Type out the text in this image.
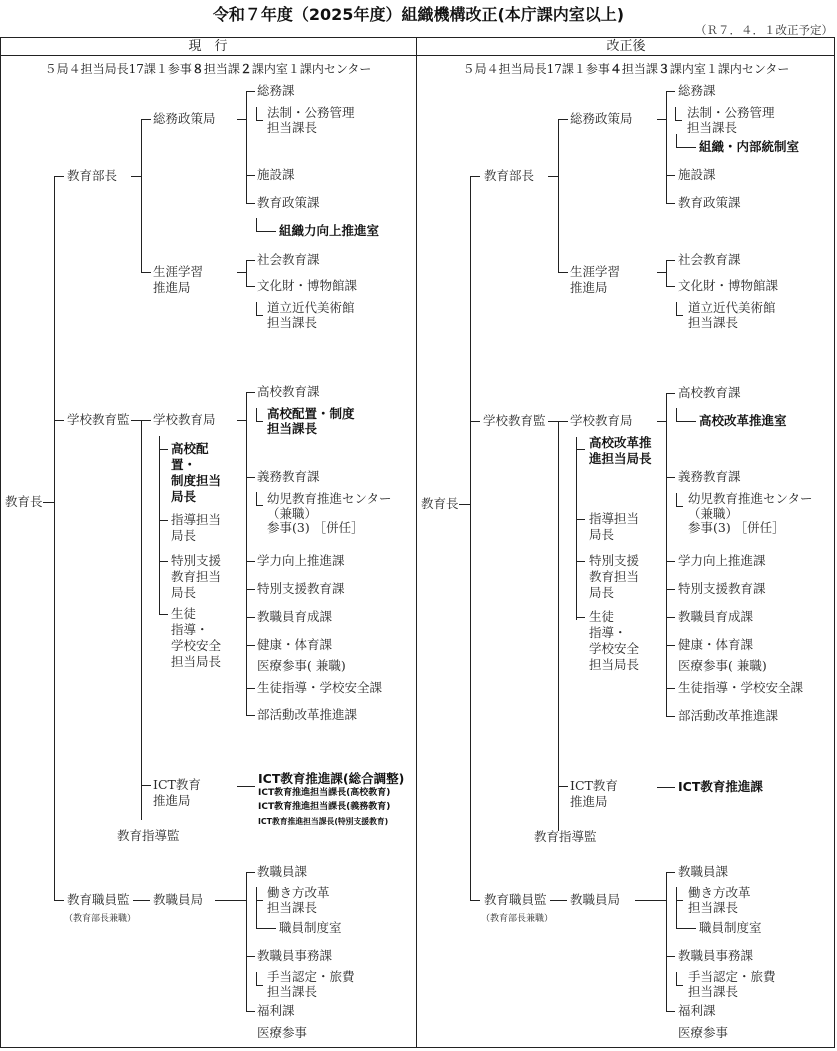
令和７年度（2025年度）組織機構改正(本庁課内室以上)
（Ｒ７．４．１改正予定）
現　行	改正後
５局４担当局長17課１参事８担当課２課内室１課内センター	５局４担当局長17課１参事４担当課３課内室１課内センター
教育長
教育部長
総務政策局
生涯学習
推進局
総務課
法制・公務管理
担当課長
施設課
教育政策課
組織力向上推進室
社会教育課
文化財・博物館課
道立近代美術館
担当課長
学校教育監 学校教育局
高校配
置・
制度担当
局長
指導担当
局長
特別支援
教育担当
局長
生徒
指導・
学校安全
担当局長
高校教育課
高校配置・制度
担当課長
義務教育課
幼児教育推進センター
（兼職）
参事(3) ［併任］
学力向上推進課
特別支援教育課
教職員育成課
健康・体育課
医療参事( 兼職)
生徒指導・学校安全課
部活動改革推進課
ICT教育
推進局
ICT教育推進課(総合調整)
ICT教育推進担当課長(高校教育)
ICT教育推進担当課長(義務教育)
ICT教育推進担当課長(特別支援教育)
教育指導監
教育職員監
（教育部長兼職）
教職員局
教職員課
働き方改革
担当課長
職員制度室
教職員事務課
手当認定・旅費
担当課長
福利課
医療参事
教育長
教育部長
総務政策局
生涯学習
推進局
総務課
法制・公務管理
担当課長
組織・内部統制室
施設課
教育政策課
社会教育課
文化財・博物館課
道立近代美術館
担当課長
学校教育監 学校教育局
高校改革推
進担当局長
指導担当
局長
特別支援
教育担当
局長
生徒
指導・
学校安全
担当局長
高校教育課
高校改革推進室
義務教育課
幼児教育推進センター
（兼職）
参事(3) ［併任］
学力向上推進課
特別支援教育課
教職員育成課
健康・体育課
医療参事( 兼職)
生徒指導・学校安全課
部活動改革推進課
ICT教育
推進局
ICT教育推進課
教育指導監
教育職員監
（教育部長兼職）
教職員局
教職員課
働き方改革
担当課長
職員制度室
教職員事務課
手当認定・旅費
担当課長
福利課
医療参事
